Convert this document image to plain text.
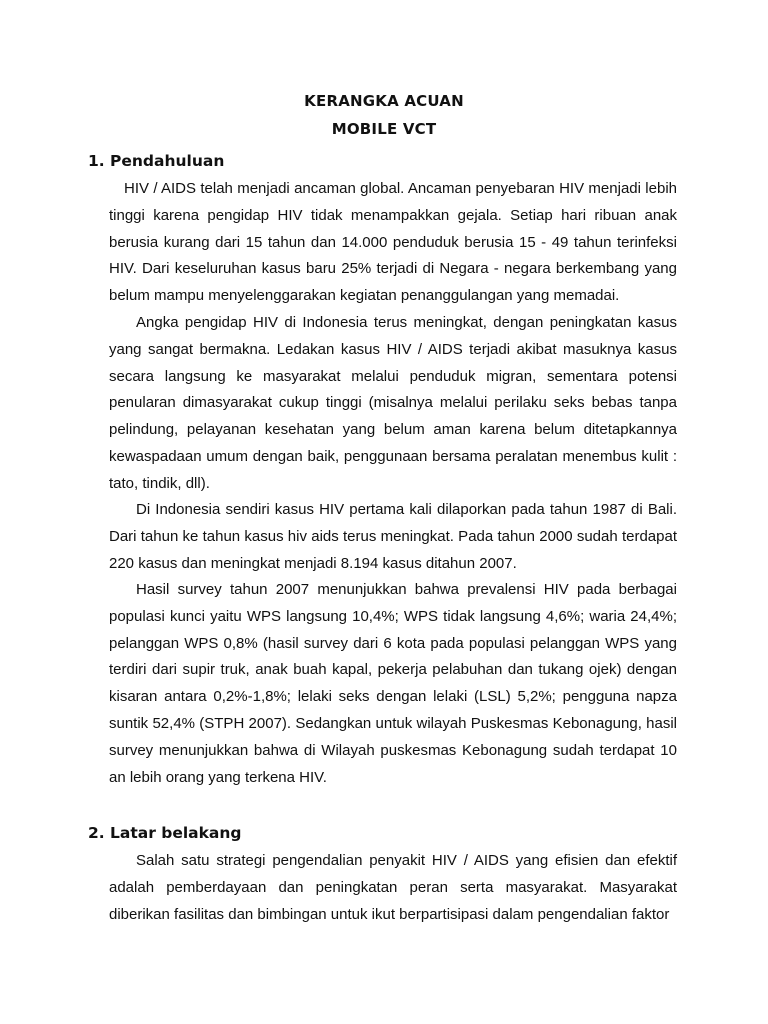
KERANGKA ACUAN
MOBILE VCT
1. Pendahuluan

HIV / AIDS telah menjadi ancaman global. Ancaman penyebaran HIV menjadi lebih tinggi karena pengidap HIV tidak menampakkan gejala. Setiap hari ribuan anak berusia kurang dari 15 tahun dan 14.000 penduduk berusia 15 - 49 tahun terinfeksi HIV. Dari keseluruhan kasus baru 25% terjadi di Negara - negara berkembang yang belum mampu menyelenggarakan kegiatan penanggulangan yang memadai.

Angka pengidap HIV di Indonesia terus meningkat, dengan peningkatan kasus yang sangat bermakna. Ledakan kasus HIV / AIDS terjadi akibat masuknya kasus secara langsung ke masyarakat melalui penduduk migran, sementara potensi penularan dimasyarakat cukup tinggi (misalnya melalui perilaku seks bebas tanpa pelindung, pelayanan kesehatan yang belum aman karena belum ditetapkannya kewaspadaan umum dengan baik, penggunaan bersama peralatan menembus kulit : tato, tindik, dll).

Di Indonesia sendiri kasus HIV pertama kali dilaporkan pada tahun 1987 di Bali. Dari tahun ke tahun kasus hiv aids terus meningkat. Pada tahun 2000 sudah terdapat 220 kasus dan meningkat menjadi 8.194 kasus ditahun 2007.

Hasil survey tahun 2007 menunjukkan bahwa prevalensi HIV pada berbagai populasi kunci yaitu WPS langsung 10,4%; WPS tidak langsung 4,6%; waria 24,4%; pelanggan WPS 0,8% (hasil survey dari 6 kota pada populasi pelanggan WPS yang terdiri dari supir truk, anak buah kapal, pekerja pelabuhan dan tukang ojek) dengan kisaran antara 0,2%-1,8%; lelaki seks dengan lelaki (LSL) 5,2%; pengguna napza suntik 52,4% (STPH 2007). Sedangkan untuk wilayah Puskesmas Kebonagung, hasil survey menunjukkan bahwa di Wilayah puskesmas Kebonagung sudah terdapat 10 an lebih orang yang terkena HIV.

2. Latar belakang

Salah satu strategi pengendalian penyakit HIV / AIDS yang efisien dan efektif adalah pemberdayaan dan peningkatan peran serta masyarakat. Masyarakat diberikan fasilitas dan bimbingan untuk ikut berpartisipasi dalam pengendalian faktor
